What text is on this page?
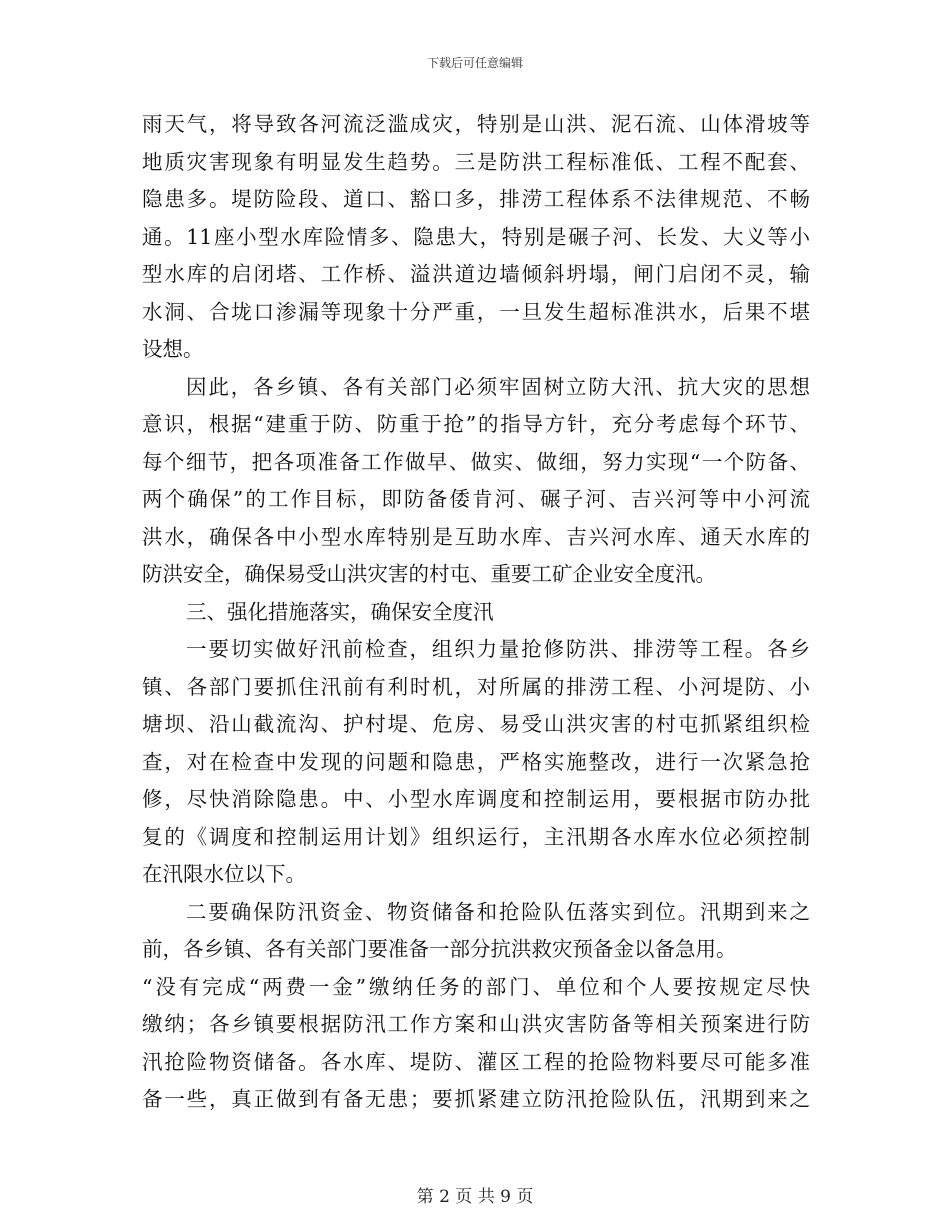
下载后可任意编辑
雨天气，将导致各河流泛滥成灾，特别是山洪、泥石流、山体滑坡等
地质灾害现象有明显发生趋势。三是防洪工程标准低、工程不配套、
隐患多。堤防险段、道口、豁口多，排涝工程体系不法律规范、不畅
通。11座小型水库险情多、隐患大，特别是碾子河、长发、大义等小
型水库的启闭塔、工作桥、溢洪道边墙倾斜坍塌，闸门启闭不灵，输
水洞、合垅口渗漏等现象十分严重，一旦发生超标准洪水，后果不堪
设想。
因此，各乡镇、各有关部门必须牢固树立防大汛、抗大灾的思想
意识，根据“建重于防、防重于抢”的指导方针，充分考虑每个环节、
每个细节，把各项准备工作做早、做实、做细，努力实现“一个防备、
两个确保”的工作目标，即防备倭肯河、碾子河、吉兴河等中小河流
洪水，确保各中小型水库特别是互助水库、吉兴河水库、通天水库的
防洪安全，确保易受山洪灾害的村屯、重要工矿企业安全度汛。
三、强化措施落实，确保安全度汛
一要切实做好汛前检查，组织力量抢修防洪、排涝等工程。各乡
镇、各部门要抓住汛前有利时机，对所属的排涝工程、小河堤防、小
塘坝、沿山截流沟、护村堤、危房、易受山洪灾害的村屯抓紧组织检
查，对在检查中发现的问题和隐患，严格实施整改，进行一次紧急抢
修，尽快消除隐患。中、小型水库调度和控制运用，要根据市防办批
复的《调度和控制运用计划》组织运行，主汛期各水库水位必须控制
在汛限水位以下。
二要确保防汛资金、物资储备和抢险队伍落实到位。汛期到来之
前，各乡镇、各有关部门要准备一部分抗洪救灾预备金以备急用。
“没有完成“两费一金”缴纳任务的部门、单位和个人要按规定尽快
缴纳；各乡镇要根据防汛工作方案和山洪灾害防备等相关预案进行防
汛抢险物资储备。各水库、堤防、灌区工程的抢险物料要尽可能多准
备一些，真正做到有备无患；要抓紧建立防汛抢险队伍，汛期到来之
第 2 页 共 9 页
